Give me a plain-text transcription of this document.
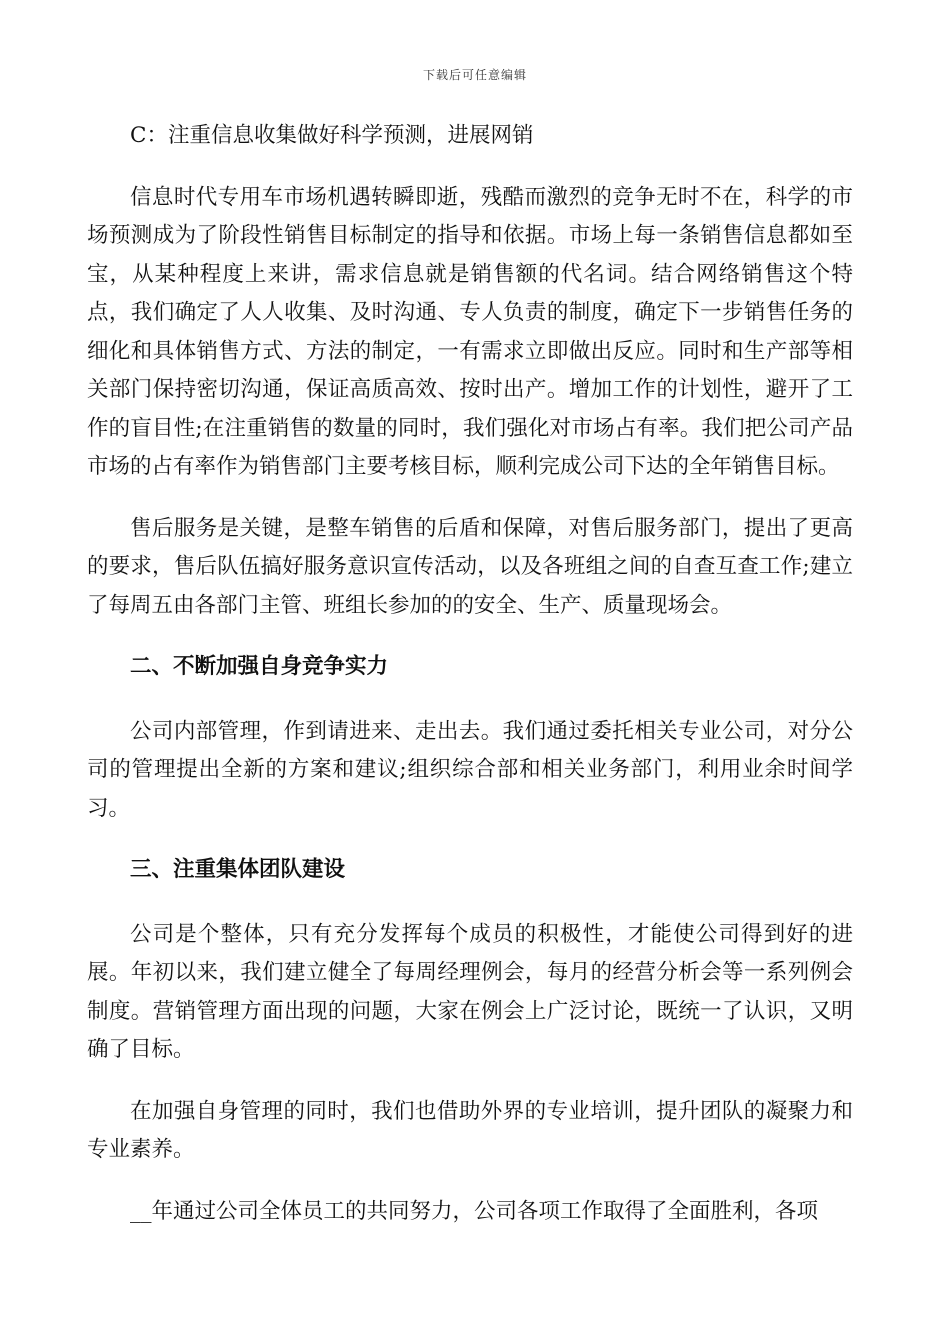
下载后可任意编辑

C：注重信息收集做好科学预测，进展网销

信息时代专用车市场机遇转瞬即逝，残酷而激烈的竞争无时不在，科学的市场预测成为了阶段性销售目标制定的指导和依据。市场上每一条销售信息都如至宝，从某种程度上来讲，需求信息就是销售额的代名词。结合网络销售这个特点，我们确定了人人收集、及时沟通、专人负责的制度，确定下一步销售任务的细化和具体销售方式、方法的制定，一有需求立即做出反应。同时和生产部等相关部门保持密切沟通，保证高质高效、按时出产。增加工作的计划性，避开了工作的盲目性;在注重销售的数量的同时，我们强化对市场占有率。我们把公司产品市场的占有率作为销售部门主要考核目标，顺利完成公司下达的全年销售目标。

售后服务是关键，是整车销售的后盾和保障，对售后服务部门，提出了更高的要求，售后队伍搞好服务意识宣传活动，以及各班组之间的自查互查工作;建立了每周五由各部门主管、班组长参加的的安全、生产、质量现场会。

二、不断加强自身竞争实力

公司内部管理，作到请进来、走出去。我们通过委托相关专业公司，对分公司的管理提出全新的方案和建议;组织综合部和相关业务部门，利用业余时间学习。

三、注重集体团队建设

公司是个整体，只有充分发挥每个成员的积极性，才能使公司得到好的进展。年初以来，我们建立健全了每周经理例会，每月的经营分析会等一系列例会制度。营销管理方面出现的问题，大家在例会上广泛讨论，既统一了认识，又明确了目标。

在加强自身管理的同时，我们也借助外界的专业培训，提升团队的凝聚力和专业素养。

__年通过公司全体员工的共同努力，公司各项工作取得了全面胜利，各项
